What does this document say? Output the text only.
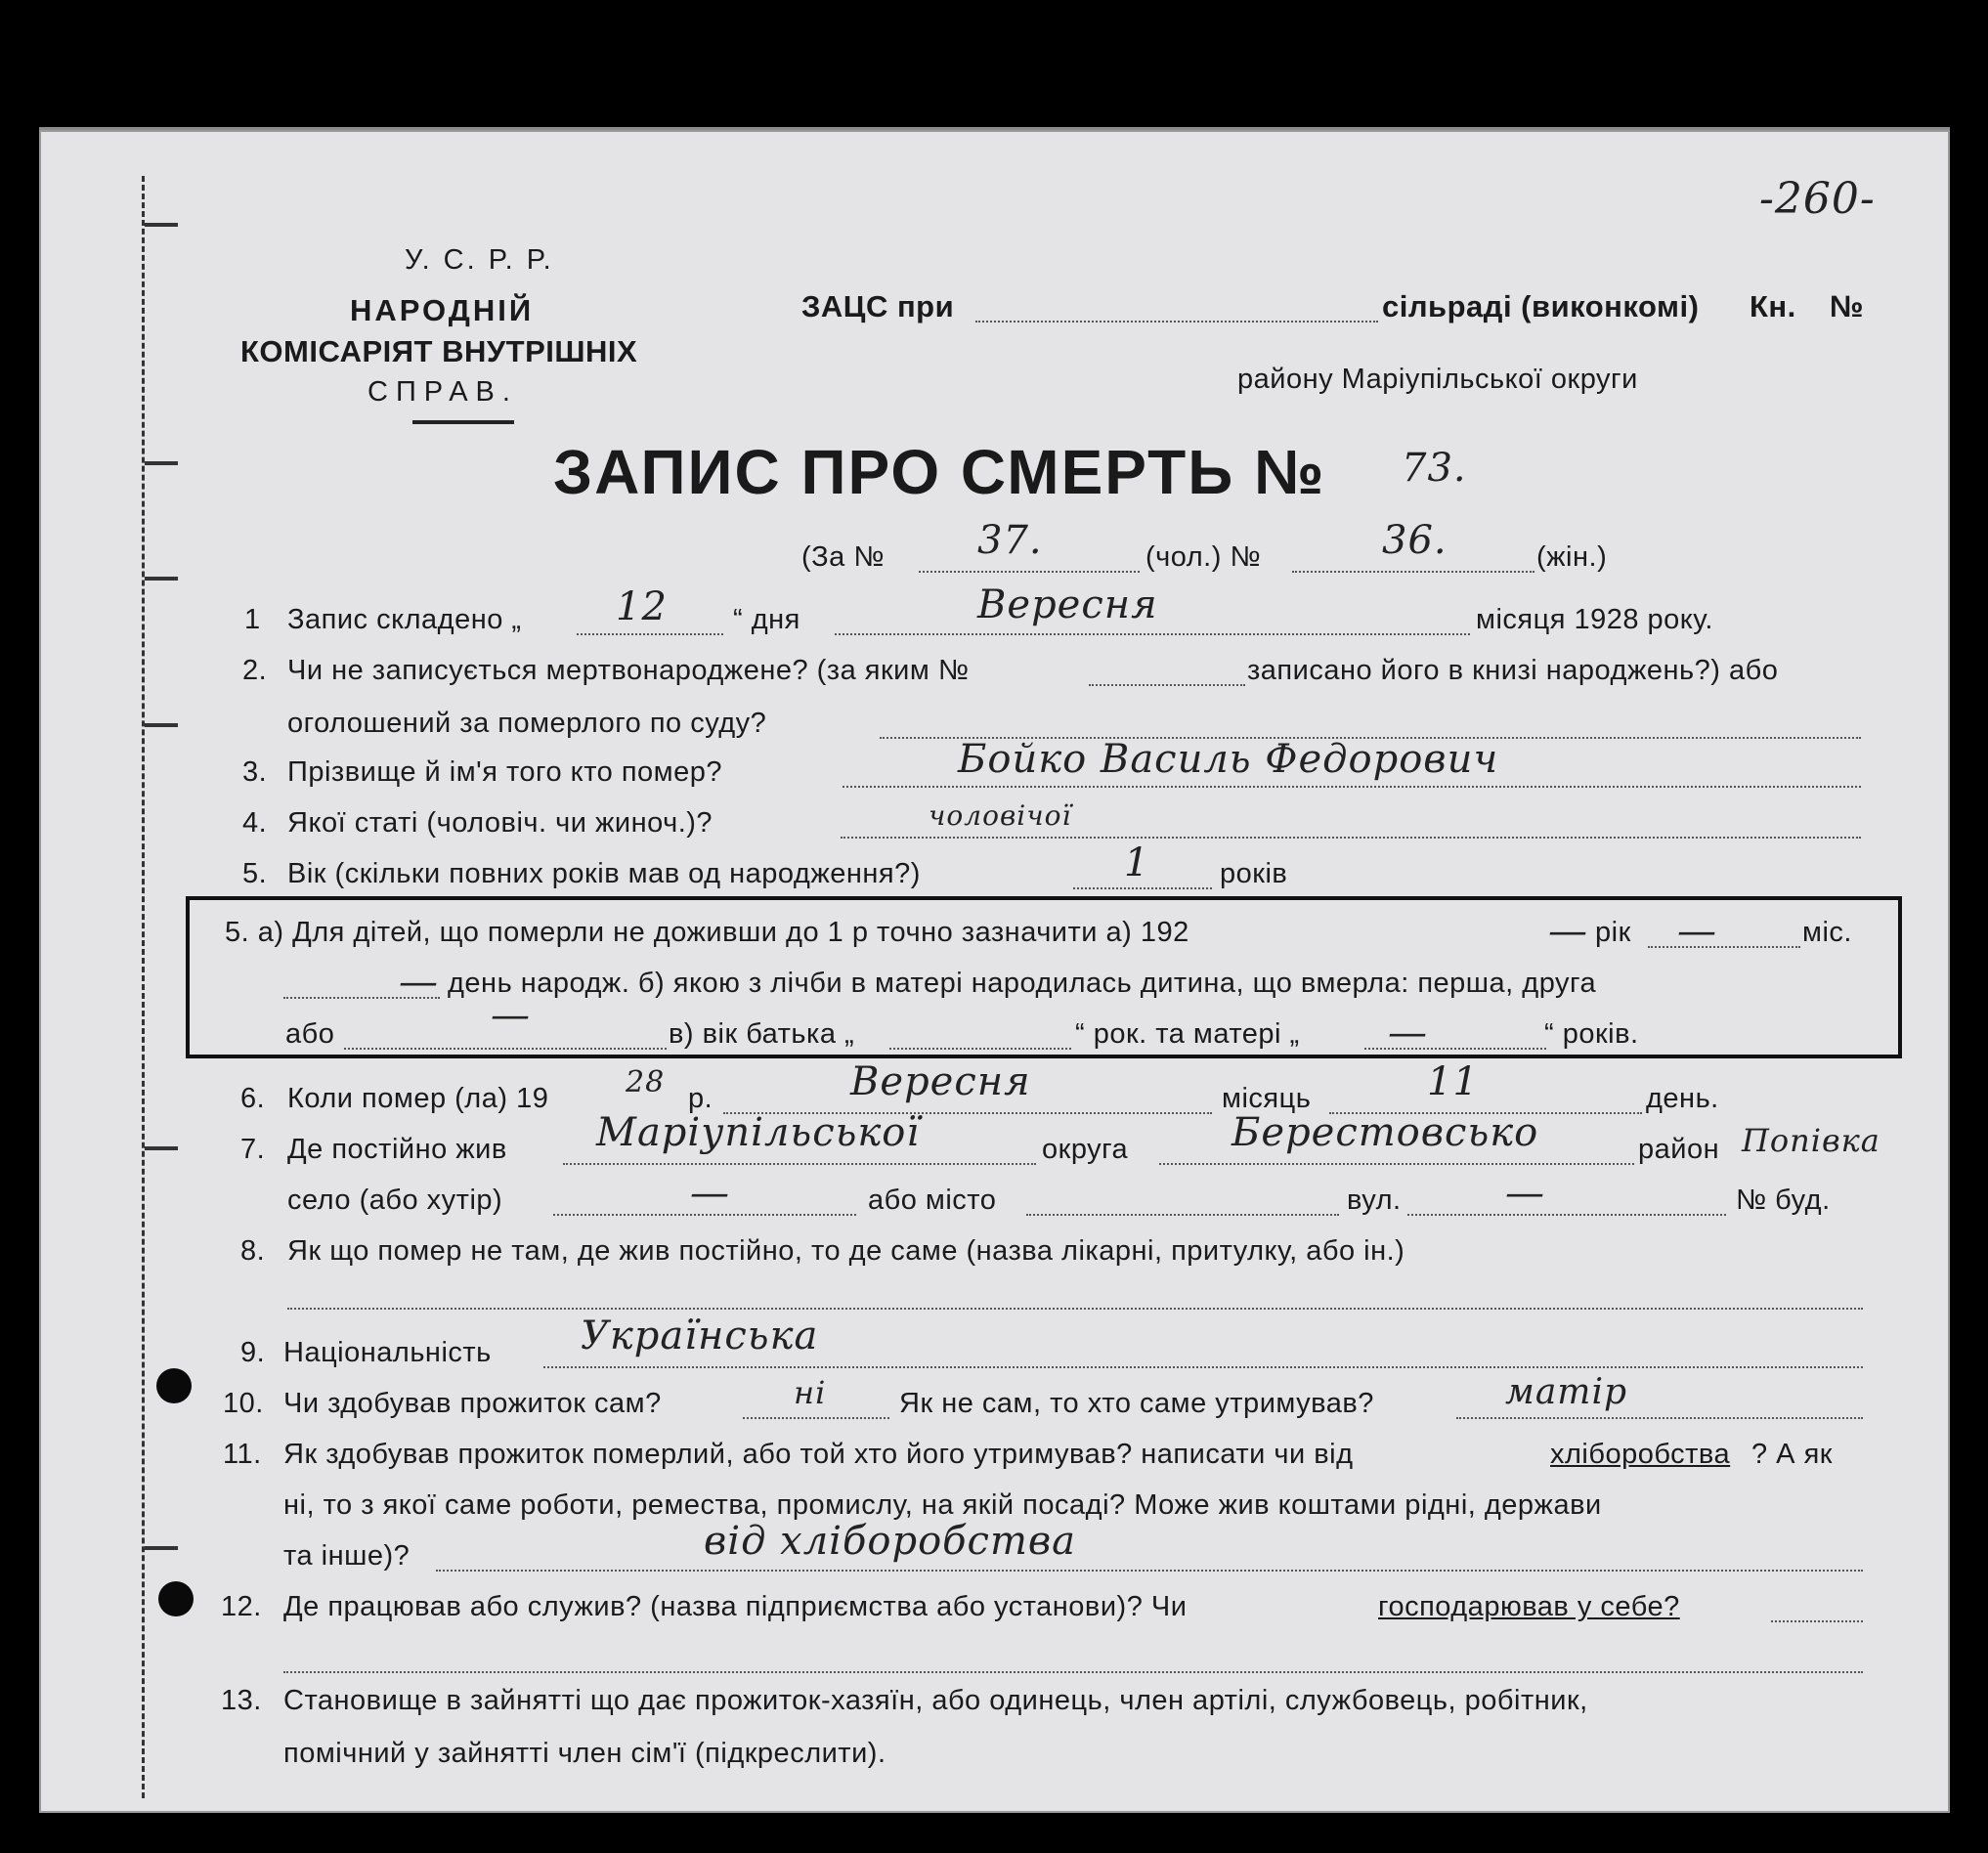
-260-
У. С. Р. Р.
НАРОДНІЙ
КОМІСАРІЯТ ВНУТРІШНІХ
СПРАВ.
ЗАЦС при	сільраді (виконкомі) Кн. №
району Маріупільської округи
ЗАПИС ПРО СМЕРТЬ № 73.
(За № 37.	(чол.) №	36.	(жін.)
1 Запис складено „ 12 “ дня	Вересня	місяця 1928 року.
2. Чи не записується мертвонароджене? (за яким №	записано його в книзі народжень?) або
оголошений за померлого по суду?
3. Прізвище й ім'я того кто помер?	Бойко Василь Федорович
4. Якої статі (чоловіч. чи жиноч.)?	чоловічої
5. Вік (скільки повних років мав од народження?)	1 років
5. а) Для дітей, що померли не доживши до 1 р точно зазначити а) 192	— рік —	міс.
— день народж. б) якою з лічби в матері народилась дитина, що вмерла: перша, друга
або	—	в) вік батька „	“ рок. та матері „ —	“ років.
6. Коли помер (ла) 19	28 р.	Вересня	місяць	11	день.
7. Де постійно жив Маріупільської	округа	Берестовсько	район Попівка
село (або хутір)	—	або місто	вул.	—	№ буд.
8. Як що помер не там, де жив постійно, то де саме (назва лікарні, притулку, або ін.)
9. Національність Українська
10. Чи здобував прожиток сам?	ні	Як не сам, то хто саме утримував?	матір
11. Як здобував прожиток померлий, або той хто його утримував? написати чи від	хліборобства ? А як
ні, то з якої саме роботи, ремества, промислу, на якій посаді? Може жив коштами рідні, держави
та інше)?	від хліборобства
12. Де працював або служив? (назва підприємства або установи)? Чи	господарював у себе?
13. Становище в зайнятті що дає прожиток-хазяїн, або одинець, член артілі, службовець, робітник,
помічний у зайнятті член сім'ї (підкреслити).
